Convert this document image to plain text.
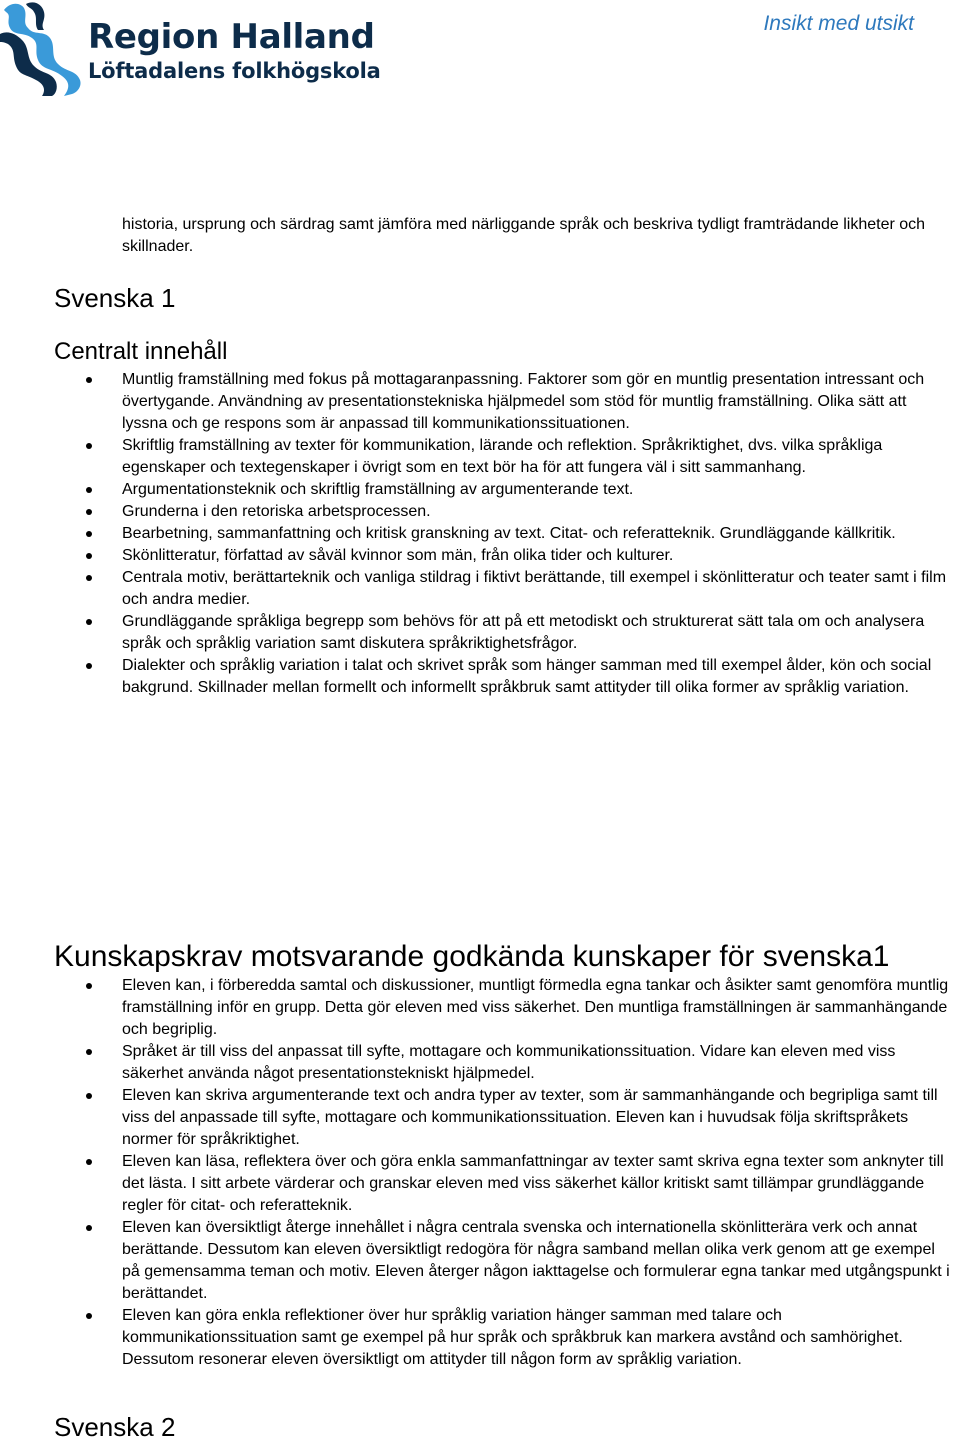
Region Halland
Löftadalens folkhögskola
Insikt med utsikt
historia, ursprung och särdrag samt jämföra med närliggande språk och beskriva tydligt framträdande likheter och skillnader.
Svenska 1
Centralt innehåll
Muntlig framställning med fokus på mottagaranpassning. Faktorer som gör en muntlig presentation intressant och övertygande. Användning av presentationstekniska hjälpmedel som stöd för muntlig framställning. Olika sätt att lyssna och ge respons som är anpassad till kommunikationssituationen.
Skriftlig framställning av texter för kommunikation, lärande och reflektion. Språkriktighet, dvs. vilka språkliga egenskaper och textegenskaper i övrigt som en text bör ha för att fungera väl i sitt sammanhang.
Argumentationsteknik och skriftlig framställning av argumenterande text.
Grunderna i den retoriska arbetsprocessen.
Bearbetning, sammanfattning och kritisk granskning av text. Citat- och referatteknik. Grundläggande källkritik.
Skönlitteratur, författad av såväl kvinnor som män, från olika tider och kulturer.
Centrala motiv, berättarteknik och vanliga stildrag i fiktivt berättande, till exempel i skönlitteratur och teater samt i film och andra medier.
Grundläggande språkliga begrepp som behövs för att på ett metodiskt och strukturerat sätt tala om och analysera språk och språklig variation samt diskutera språkriktighetsfrågor.
Dialekter och språklig variation i talat och skrivet språk som hänger samman med till exempel ålder, kön och social bakgrund. Skillnader mellan formellt och informellt språkbruk samt attityder till olika former av språklig variation.
Kunskapskrav motsvarande godkända kunskaper för svenska1
Eleven kan, i förberedda samtal och diskussioner, muntligt förmedla egna tankar och åsikter samt genomföra muntlig framställning inför en grupp. Detta gör eleven med viss säkerhet. Den muntliga framställningen är sammanhängande och begriplig.
Språket är till viss del anpassat till syfte, mottagare och kommunikationssituation. Vidare kan eleven med viss säkerhet använda något presentationstekniskt hjälpmedel.
Eleven kan skriva argumenterande text och andra typer av texter, som är sammanhängande och begripliga samt till viss del anpassade till syfte, mottagare och kommunikationssituation. Eleven kan i huvudsak följa skriftspråkets normer för språkriktighet.
Eleven kan läsa, reflektera över och göra enkla sammanfattningar av texter samt skriva egna texter som anknyter till det lästa. I sitt arbete värderar och granskar eleven med viss säkerhet källor kritiskt samt tillämpar grundläggande regler för citat- och referatteknik.
Eleven kan översiktligt återge innehållet i några centrala svenska och internationella skönlitterära verk och annat berättande. Dessutom kan eleven översiktligt redogöra för några samband mellan olika verk genom att ge exempel på gemensamma teman och motiv. Eleven återger någon iakttagelse och formulerar egna tankar med utgångspunkt i berättandet.
Eleven kan göra enkla reflektioner över hur språklig variation hänger samman med talare och kommunikationssituation samt ge exempel på hur språk och språkbruk kan markera avstånd och samhörighet. Dessutom resonerar eleven översiktligt om attityder till någon form av språklig variation.
Svenska 2
